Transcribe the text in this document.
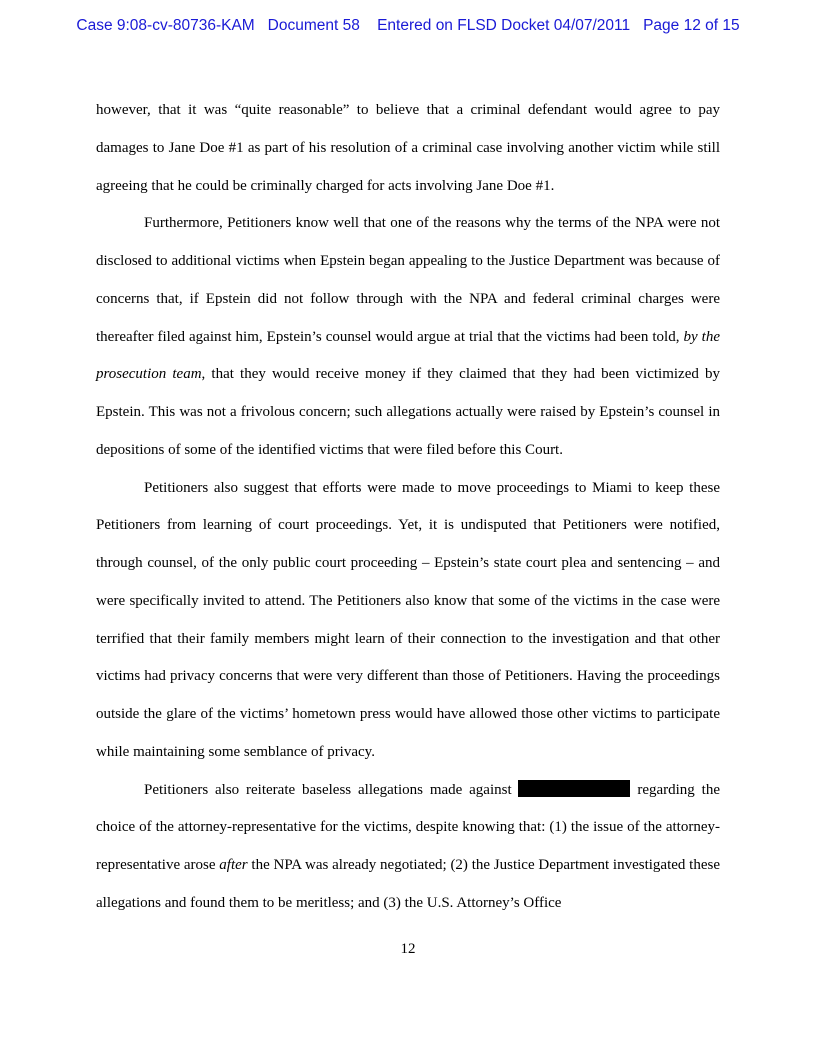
Case 9:08-cv-80736-KAM Document 58 Entered on FLSD Docket 04/07/2011 Page 12 of 15

however, that it was “quite reasonable” to believe that a criminal defendant would agree to pay damages to Jane Doe #1 as part of his resolution of a criminal case involving another victim while still agreeing that he could be criminally charged for acts involving Jane Doe #1.

Furthermore, Petitioners know well that one of the reasons why the terms of the NPA were not disclosed to additional victims when Epstein began appealing to the Justice Department was because of concerns that, if Epstein did not follow through with the NPA and federal criminal charges were thereafter filed against him, Epstein’s counsel would argue at trial that the victims had been told, by the prosecution team, that they would receive money if they claimed that they had been victimized by Epstein. This was not a frivolous concern; such allegations actually were raised by Epstein’s counsel in depositions of some of the identified victims that were filed before this Court.

Petitioners also suggest that efforts were made to move proceedings to Miami to keep these Petitioners from learning of court proceedings. Yet, it is undisputed that Petitioners were notified, through counsel, of the only public court proceeding – Epstein’s state court plea and sentencing – and were specifically invited to attend. The Petitioners also know that some of the victims in the case were terrified that their family members might learn of their connection to the investigation and that other victims had privacy concerns that were very different than those of Petitioners. Having the proceedings outside the glare of the victims’ hometown press would have allowed those other victims to participate while maintaining some semblance of privacy.

Petitioners also reiterate baseless allegations made against	regarding the choice of the attorney-representative for the victims, despite knowing that: (1) the issue of the attorney-representative arose after the NPA was already negotiated; (2) the Justice Department investigated these allegations and found them to be meritless; and (3) the U.S. Attorney’s Office

12
